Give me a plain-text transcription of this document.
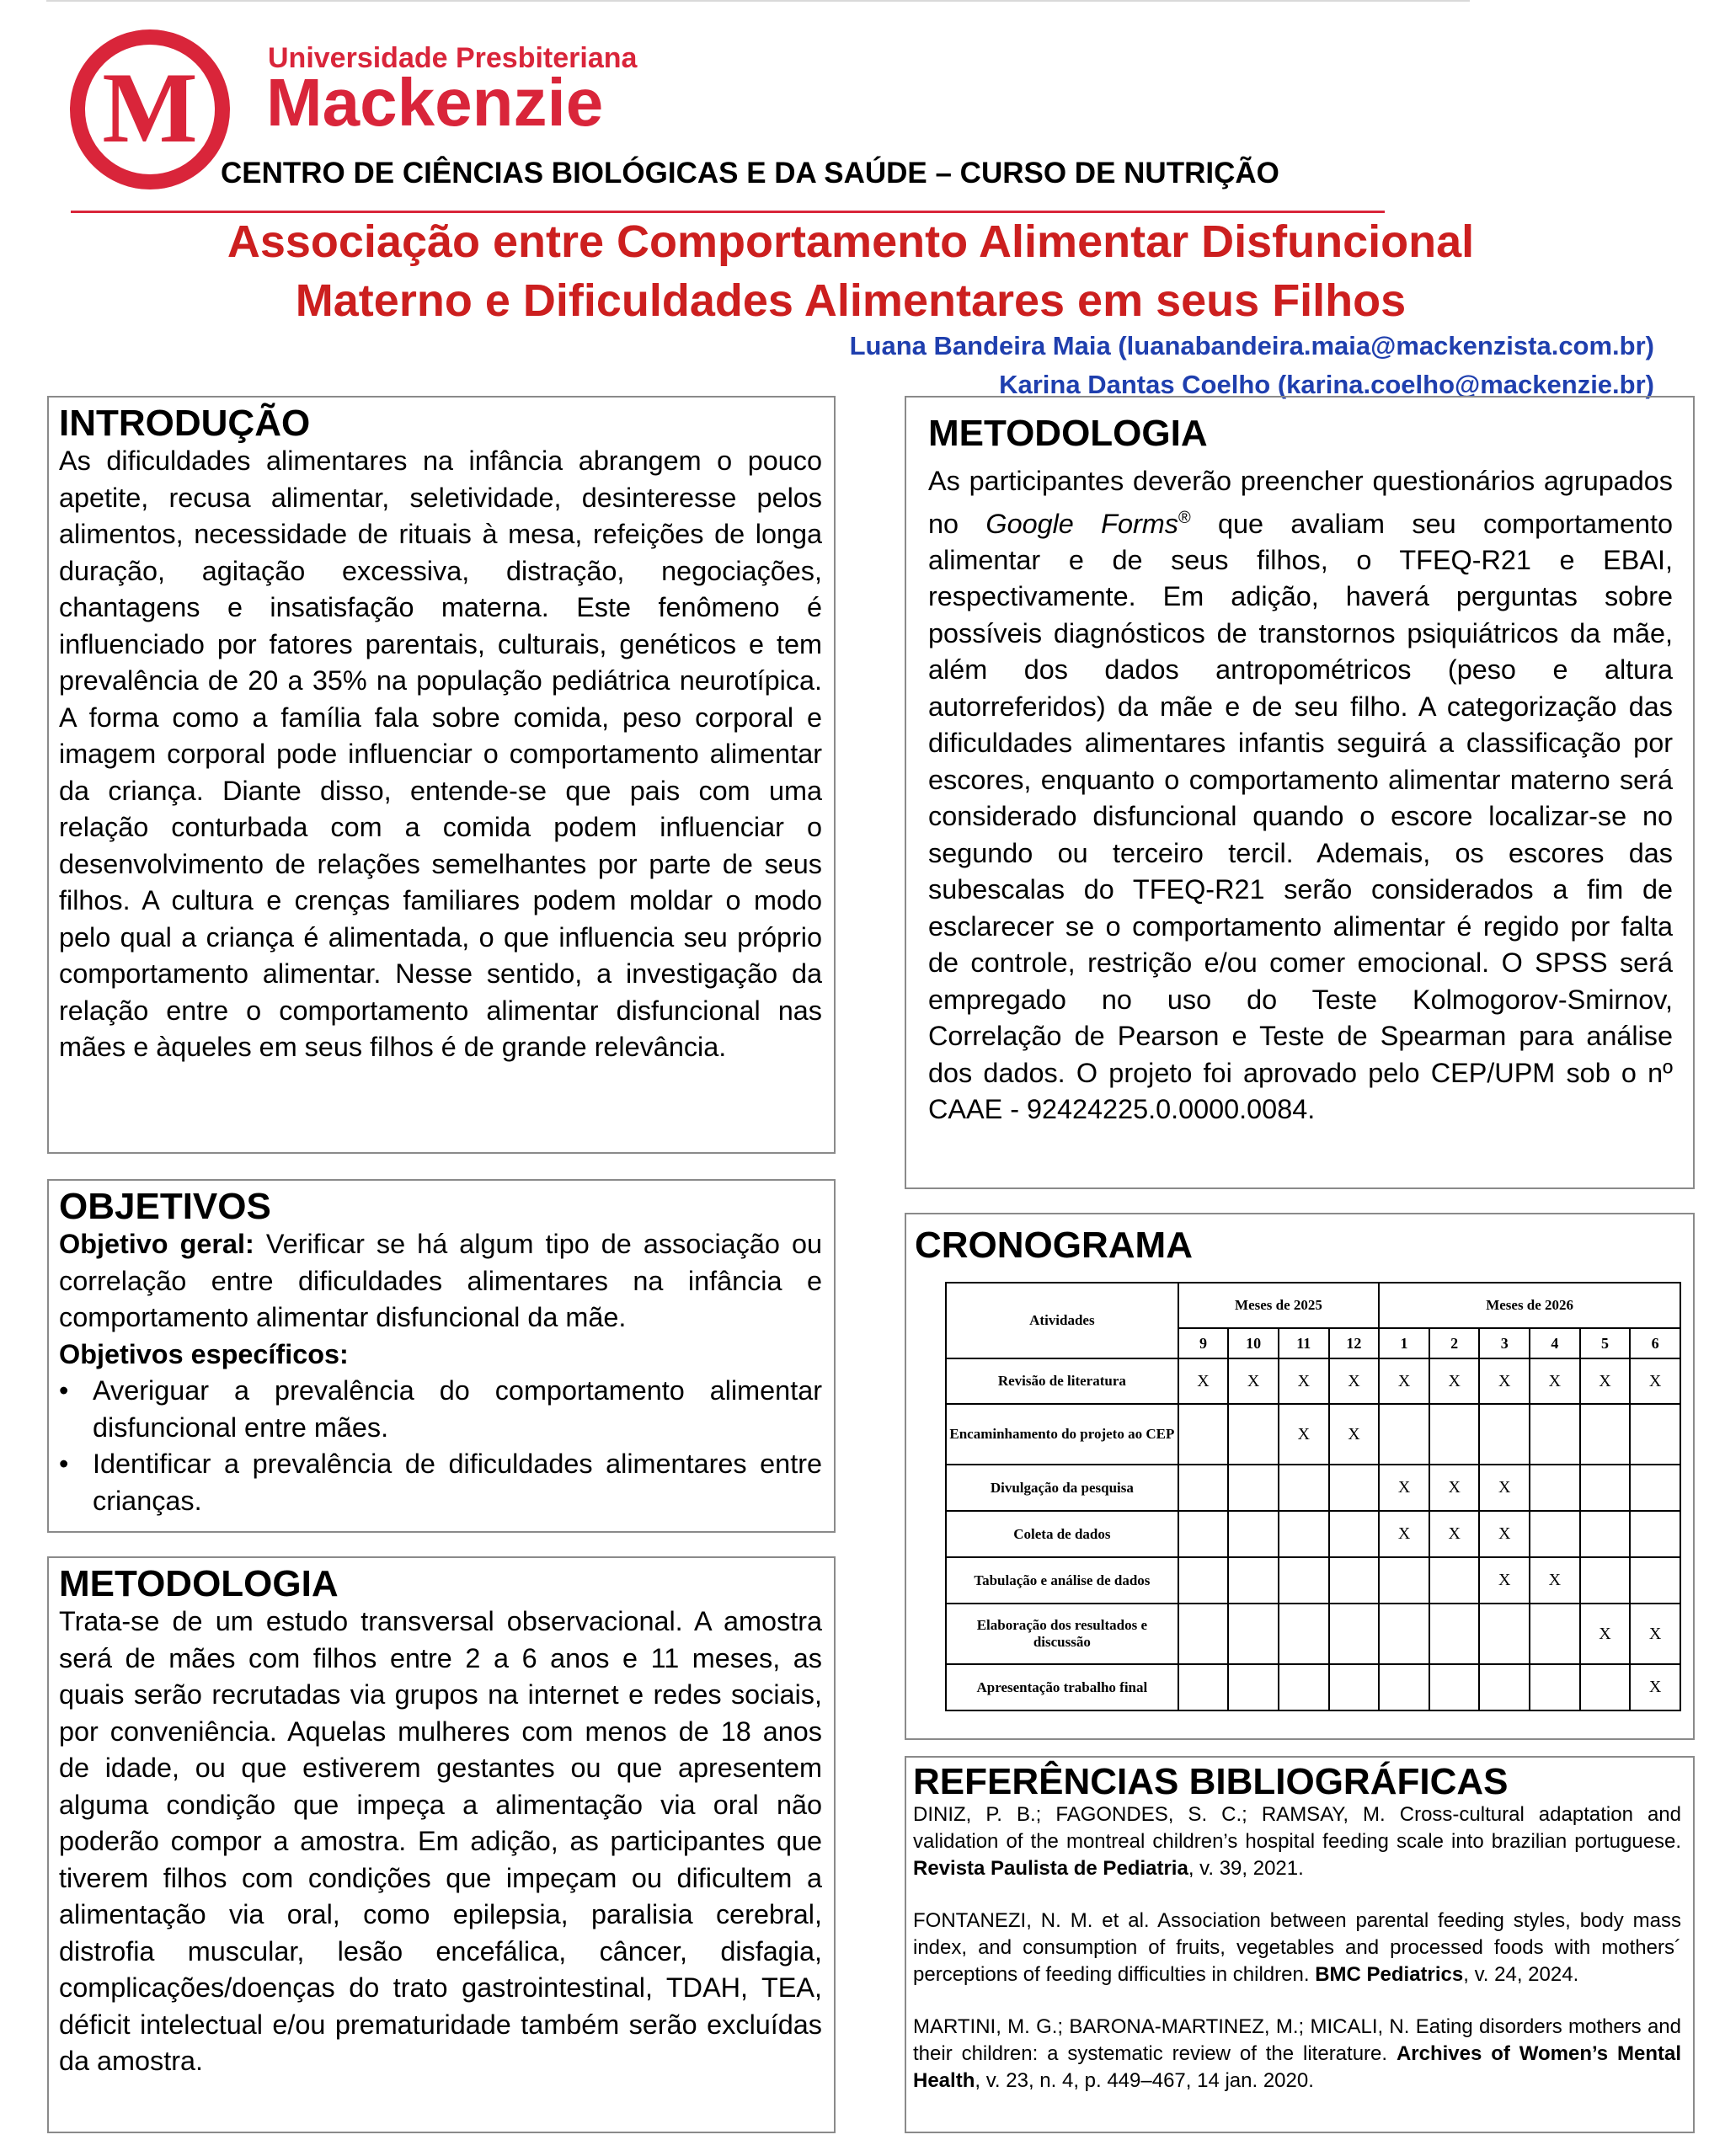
M Universidade Presbiteriana
Mackenzie
CENTRO DE CIÊNCIAS BIOLÓGICAS E DA SAÚDE – CURSO DE NUTRIÇÃO
Associação entre Comportamento Alimentar Disfuncional
Materno e Dificuldades Alimentares em seus Filhos
Luana Bandeira Maia (luanabandeira.maia@mackenzista.com.br)
Karina Dantas Coelho (karina.coelho@mackenzie.br)
INTRODUÇÃO

As dificuldades alimentares na infância abrangem o pouco apetite, recusa alimentar, seletividade, desinteresse pelos alimentos, necessidade de rituais à mesa, refeições de longa duração, agitação excessiva, distração, negociações, chantagens e insatisfação materna. Este fenômeno é influenciado por fatores parentais, culturais, genéticos e tem prevalência de 20 a 35% na população pediátrica neurotípica. A forma como a família fala sobre comida, peso corporal e imagem corporal pode influenciar o comportamento alimentar da criança. Diante disso, entende-se que pais com uma relação conturbada com a comida podem influenciar o desenvolvimento de relações semelhantes por parte de seus filhos. A cultura e crenças familiares podem moldar o modo pelo qual a criança é alimentada, o que influencia seu próprio comportamento alimentar. Nesse sentido, a investigação da relação entre o comportamento alimentar disfuncional nas mães e àqueles em seus filhos é de grande relevância.

OBJETIVOS

Objetivo geral: Verificar se há algum tipo de associação ou correlação entre dificuldades alimentares na infância e comportamento alimentar disfuncional da mãe.

Objetivos específicos:

• Averiguar a prevalência do comportamento alimentar disfuncional entre mães.
• Identificar a prevalência de dificuldades alimentares entre crianças.
METODOLOGIA

Trata-se de um estudo transversal observacional. A amostra será de mães com filhos entre 2 a 6 anos e 11 meses, as quais serão recrutadas via grupos na internet e redes sociais, por conveniência. Aquelas mulheres com menos de 18 anos de idade, ou que estiverem gestantes ou que apresentem alguma condição que impeça a alimentação via oral não poderão compor a amostra. Em adição, as participantes que tiverem filhos com condições que impeçam ou dificultem a alimentação via oral, como epilepsia, paralisia cerebral, distrofia muscular, lesão encefálica, câncer, disfagia, complicações/doenças do trato gastrointestinal, TDAH, TEA, déficit intelectual e/ou prematuridade também serão excluídas da amostra.

METODOLOGIA

As participantes deverão preencher questionários agrupados no Google Forms® que avaliam seu comportamento alimentar e de seus filhos, o TFEQ-R21 e EBAI, respectivamente. Em adição, haverá perguntas sobre possíveis diagnósticos de transtornos psiquiátricos da mãe, além dos dados antropométricos (peso e altura autorreferidos) da mãe e de seu filho. A categorização das dificuldades alimentares infantis seguirá a classificação por escores, enquanto o comportamento alimentar materno será considerado disfuncional quando o escore localizar-se no segundo ou terceiro tercil. Ademais, os escores das subescalas do TFEQ-R21 serão considerados a fim de esclarecer se o comportamento alimentar é regido por falta de controle, restrição e/ou comer emocional. O SPSS será empregado no uso do Teste Kolmogorov-Smirnov, Correlação de Pearson e Teste de Spearman para análise dos dados. O projeto foi aprovado pelo CEP/UPM sob o nº CAAE - 92424225.0.0000.0084.

CRONOGRAMA
Atividades	Meses de 2025				Meses de 2026					
	9	10	11	12	1	2	3	4	5	6
Revisão de literatura	X	X	X	X	X	X	X	X	X	X
Encaminhamento do projeto ao CEP			X	X						
Divulgação da pesquisa					X	X	X			
Coleta de dados					X	X	X			
Tabulação e análise de dados							X	X		
Elaboração dos resultados e discussão									X	X
Apresentação trabalho final										X
REFERÊNCIAS BIBLIOGRÁFICAS

DINIZ, P. B.; FAGONDES, S. C.; RAMSAY, M. Cross-cultural adaptation and validation of the montreal children’s hospital feeding scale into brazilian portuguese. Revista Paulista de Pediatria, v. 39, 2021.

FONTANEZI, N. M. et al. Association between parental feeding styles, body mass index, and consumption of fruits, vegetables and processed foods with mothers´ perceptions of feeding difficulties in children. BMC Pediatrics, v. 24, 2024.

MARTINI, M. G.; BARONA-MARTINEZ, M.; MICALI, N. Eating disorders mothers and their children: a systematic review of the literature. Archives of Women’s Mental Health, v. 23, n. 4, p. 449–467, 14 jan. 2020.
